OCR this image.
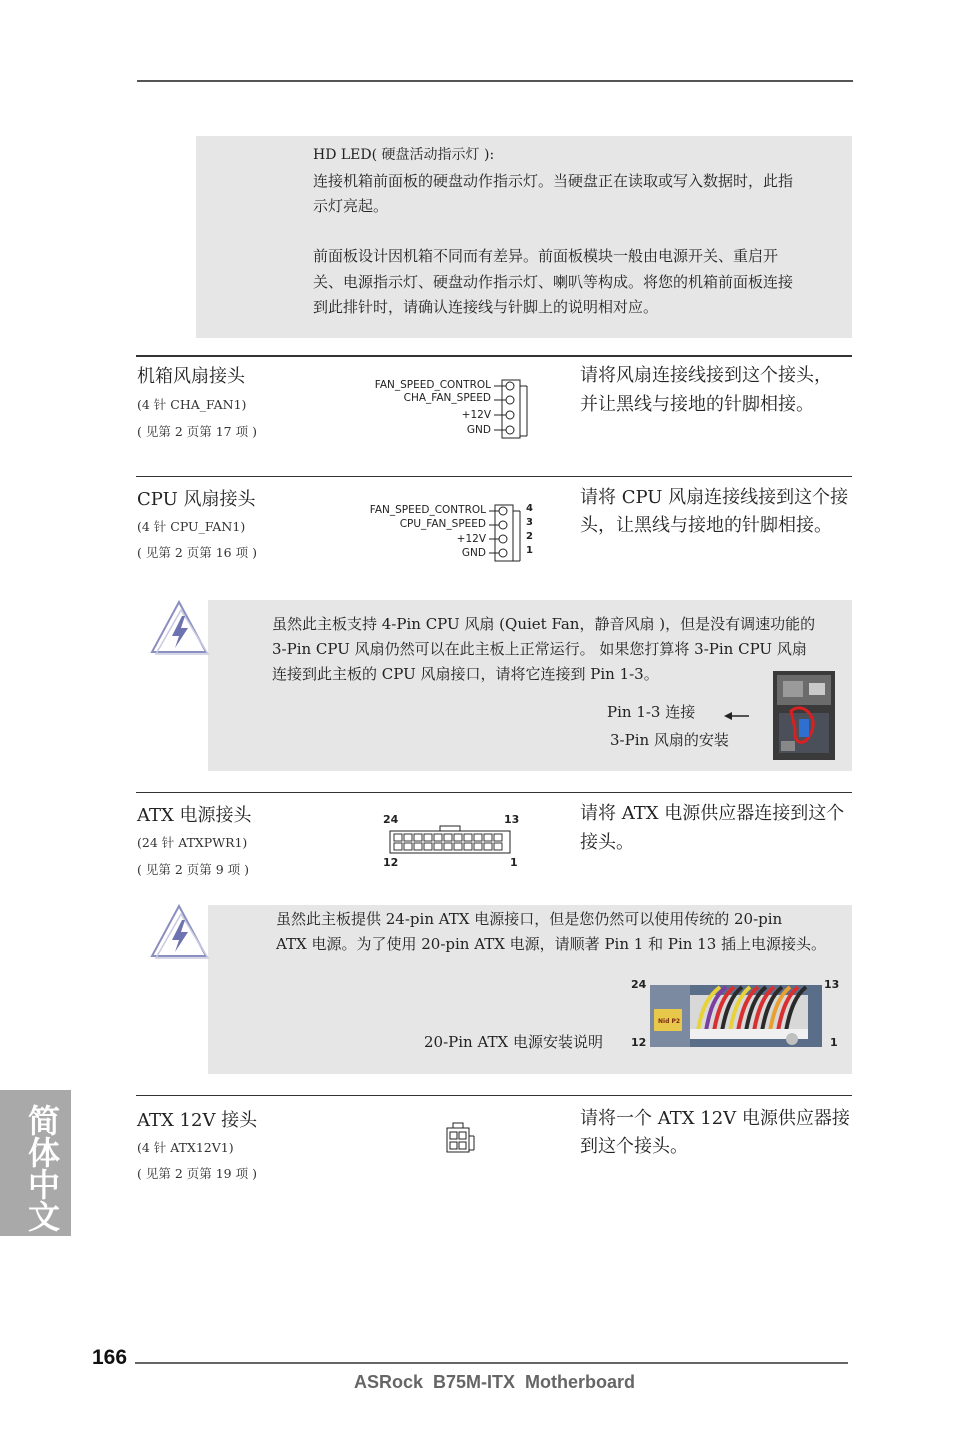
HD LED( 硬盘活动指示灯 ):
连接机箱前面板的硬盘动作指示灯。当硬盘正在读取或写入数据时，此指
示灯亮起。
前面板设计因机箱不同而有差异。前面板模块一般由电源开关、重启开
关、电源指示灯、硬盘动作指示灯、喇叭等构成。将您的机箱前面板连接
到此排针时，请确认连接线与针脚上的说明相对应。
机箱风扇接头
(4 针 CHA_FAN1)
( 见第 2 页第 17 项 )
FAN_SPEED_CONTROL
CHA_FAN_SPEED
+12V
GND
请将风扇连接线接到这个接头，
并让黑线与接地的针脚相接。
CPU 风扇接头
(4 针 CPU_FAN1)
( 见第 2 页第 16 项 )
FAN_SPEED_CONTROL
CPU_FAN_SPEED
+12V
GND
4
3
2
1
请将 CPU 风扇连接线接到这个接
头，让黑线与接地的针脚相接。
虽然此主板支持 4-Pin CPU 风扇 (Quiet Fan，静音风扇 )，但是没有调速功能的
3-Pin CPU 风扇仍然可以在此主板上正常运行。 如果您打算将 3-Pin CPU 风扇
连接到此主板的 CPU 风扇接口，请将它连接到 Pin 1-3。
Pin 1-3 连接
3-Pin 风扇的安装
ATX 电源接头
(24 针 ATXPWR1)
( 见第 2 页第 9 项 )
24	13
12	1
请将 ATX 电源供应器连接到这个
接头。
虽然此主板提供 24-pin ATX 电源接口，但是您仍然可以使用传统的 20-pin
ATX 电源。为了使用 20-pin ATX 电源，请顺著 Pin 1 和 Pin 13 插上电源接头。
20-Pin ATX 电源安装说明
24	13
12	1
Nid P2
ATX 12V 接头
(4 针 ATX12V1)
( 见第 2 页第 19 项 )
请将一个 ATX 12V 电源供应器接
到这个接头。
简体中文
166
ASRock  B75M-ITX  Motherboard
